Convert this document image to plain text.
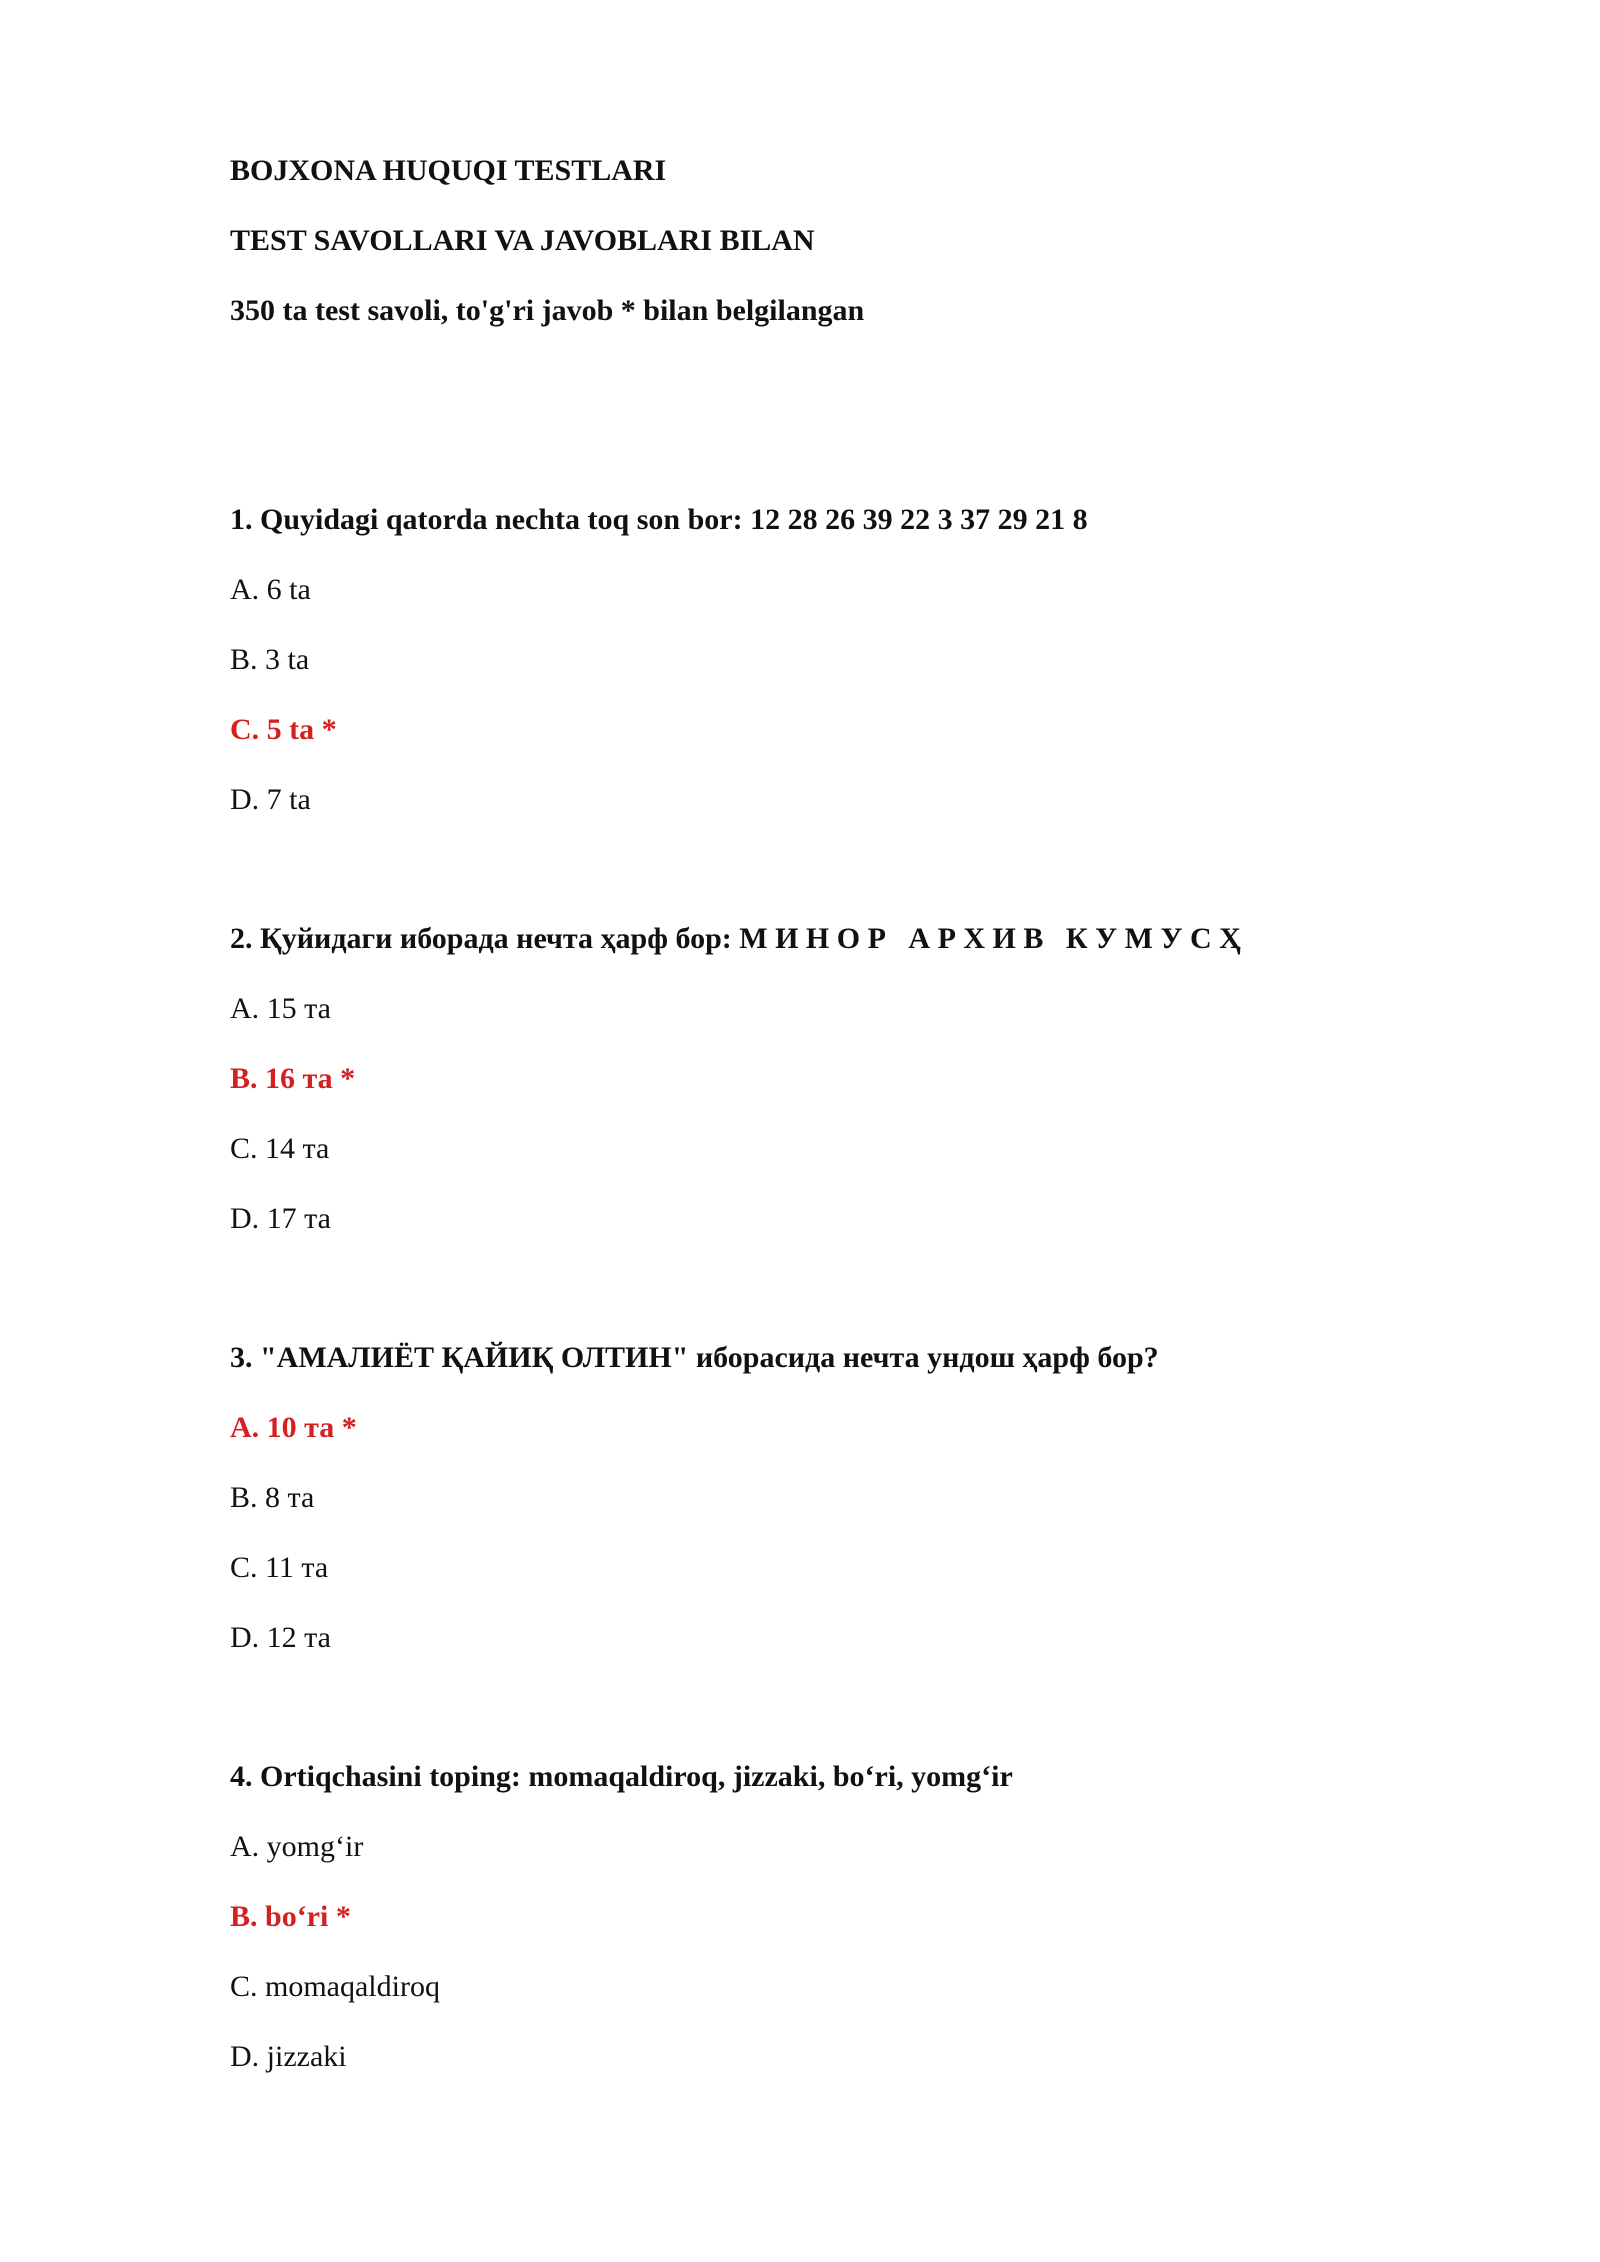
BOJXONA HUQUQI TESTLARI
TEST SAVOLLARI VA JAVOBLARI BILAN
350 ta test savoli, to'g'ri javob * bilan belgilangan
1. Quyidagi qatorda nechta toq son bor: 12 28 26 39 22 3 37 29 21 8
A. 6 ta
B. 3 ta
C. 5 ta *
D. 7 ta
2. Қуйидаги иборада нечта ҳарф бор: М И Н О Р   А Р Х И В   К У М У С Ҳ
A. 15 та
B. 16 та *
C. 14 та
D. 17 та
3. "АМАЛИЁТ ҚАЙИҚ ОЛТИН" иборасида нечта ундош ҳарф бор?
A. 10 та *
B. 8 та
C. 11 та
D. 12 та
4. Ortiqchasini toping: momaqaldiroq, jizzaki, bo‘ri, yomg‘ir
A. yomg‘ir
B. bo‘ri *
C. momaqaldiroq
D. jizzaki
